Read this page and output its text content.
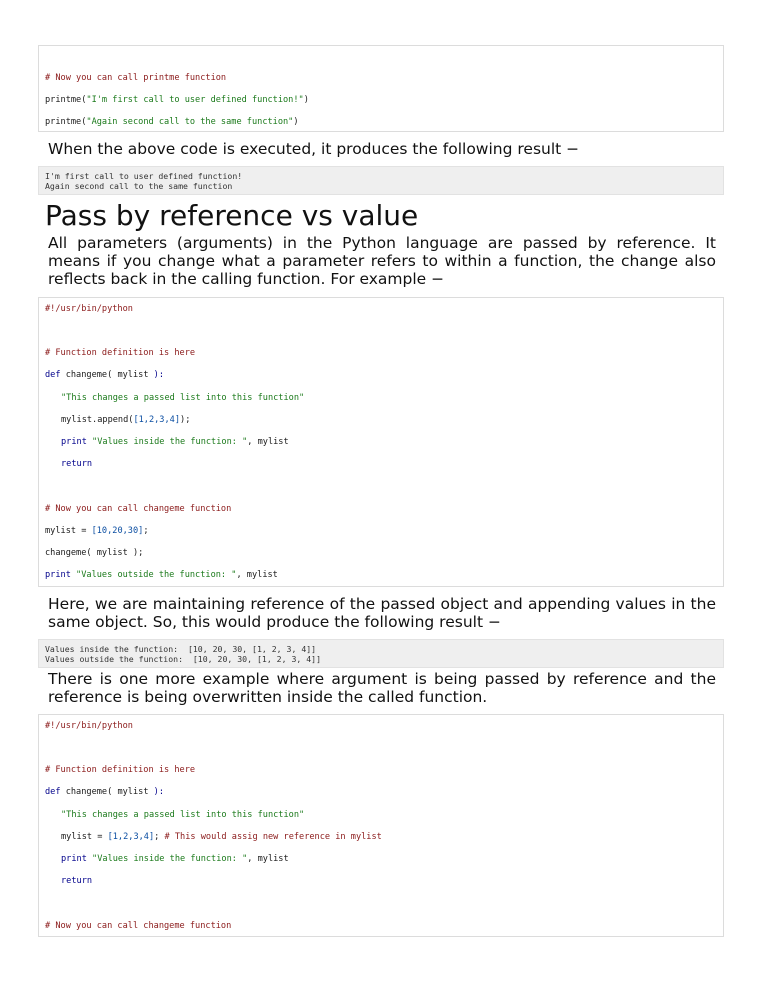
# Now you can call printme function
printme("I'm first call to user defined function!")
printme("Again second call to the same function")
When the above code is executed, it produces the following result −
I'm first call to user defined function!
Again second call to the same function
Pass by reference vs value
All parameters (arguments) in the Python language are passed by reference. It means if you change what a parameter refers to within a function, the change also reflects back in the calling function. For example −
#!/usr/bin/python
# Function definition is here
def changeme( mylist ):
"This changes a passed list into this function"
mylist.append([1,2,3,4]);
print "Values inside the function: ", mylist
return
# Now you can call changeme function
mylist = [10,20,30];
changeme( mylist );
print "Values outside the function: ", mylist
Here, we are maintaining reference of the passed object and appending values in the same object. So, this would produce the following result −
Values inside the function:  [10, 20, 30, [1, 2, 3, 4]]
Values outside the function:  [10, 20, 30, [1, 2, 3, 4]]
There is one more example where argument is being passed by reference and the reference is being overwritten inside the called function.
#!/usr/bin/python
# Function definition is here
def changeme( mylist ):
"This changes a passed list into this function"
mylist = [1,2,3,4]; # This would assig new reference in mylist
print "Values inside the function: ", mylist
return
# Now you can call changeme function
